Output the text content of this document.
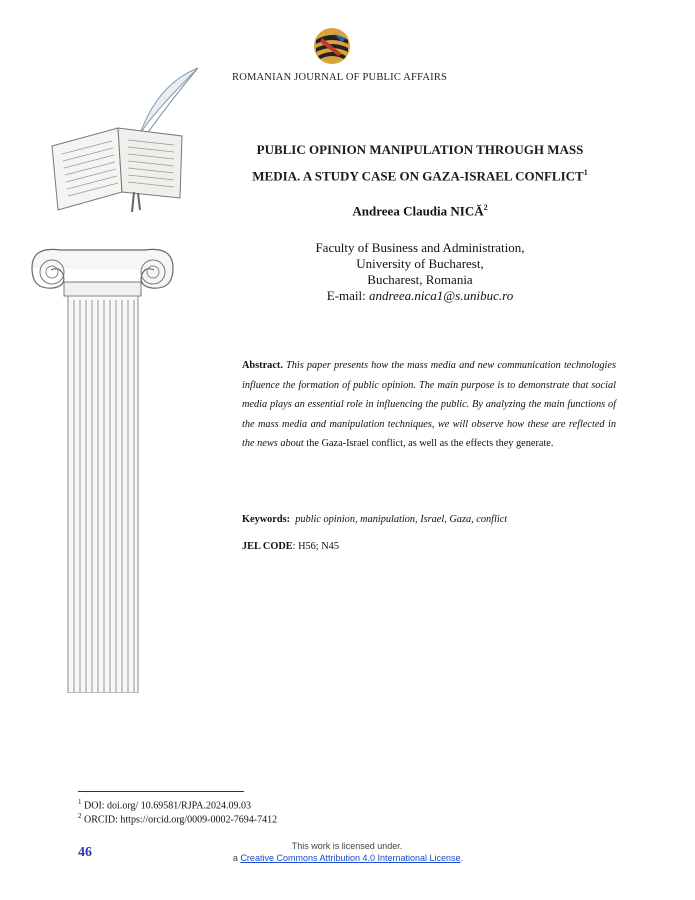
ROMANIAN JOURNAL OF PUBLIC AFFAIRS
PUBLIC OPINION MANIPULATION THROUGH MASS
MEDIA. A STUDY CASE ON GAZA-ISRAEL CONFLICT$^1$
Andreea Claudia NICĂ$^2$
Faculty of Business and Administration,
University of Bucharest,
Bucharest, Romania
E-mail: andreea.nica1@s.unibuc.ro
Abstract. This paper presents how the mass media and new communication technologies influence the formation of public opinion. The main purpose is to demonstrate that social media plays an essential role in influencing the public. By analyzing the main functions of the mass media and manipulation techniques, we will observe how these are reflected in the news about the Gaza-Israel conflict, as well as the effects they generate.
Keywords: public opinion, manipulation, Israel, Gaza, conflict
JEL CODE: H56; N45
$^1$ DOI: doi.org/ 10.69581/RJPA.2024.09.03
$^2$ ORCID: https://orcid.org/0009-0002-7694-7412
46	This work is licensed under.
a Creative Commons Attribution 4.0 International License.
